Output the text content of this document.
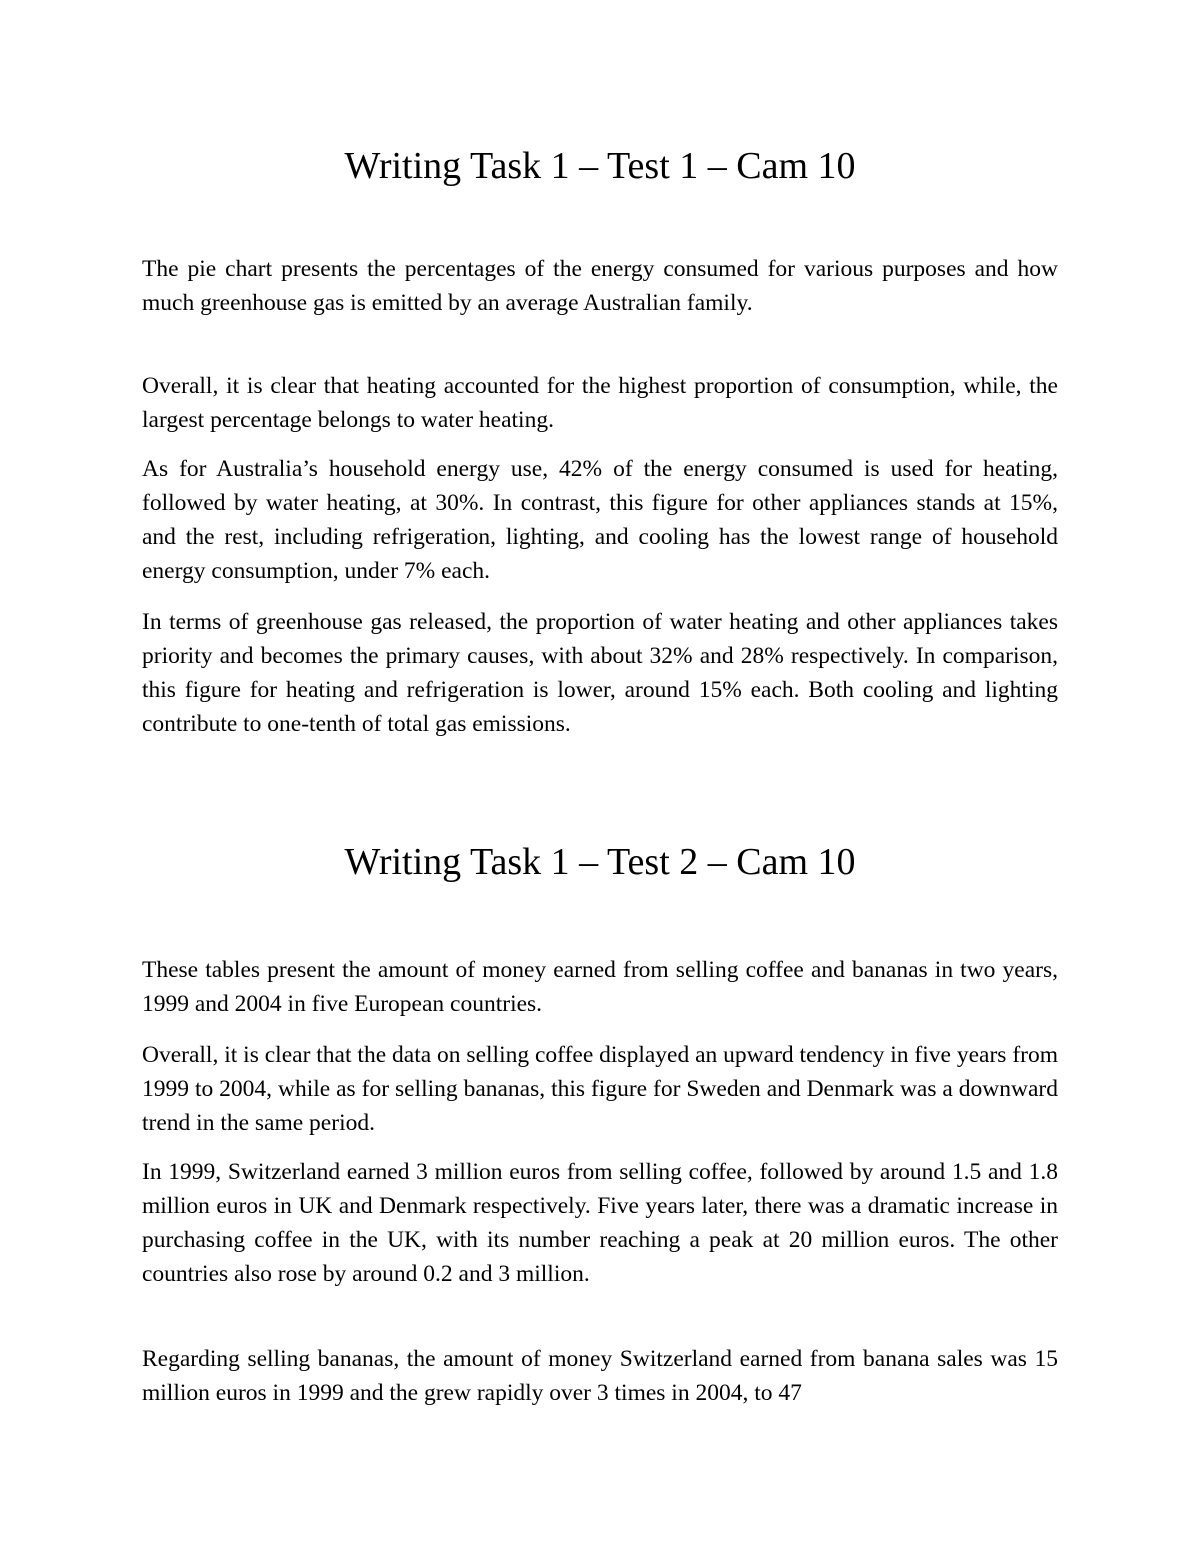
Writing Task 1 – Test 1 – Cam 10

The pie chart presents the percentages of the energy consumed for various purposes and how much greenhouse gas is emitted by an average Australian family.

Overall, it is clear that heating accounted for the highest proportion of consumption, while, the largest percentage belongs to water heating.

As for Australia’s household energy use, 42% of the energy consumed is used for heating, followed by water heating, at 30%. In contrast, this figure for other appliances stands at 15%, and the rest, including refrigeration, lighting, and cooling has the lowest range of household energy consumption, under 7% each.

In terms of greenhouse gas released, the proportion of water heating and other appliances takes priority and becomes the primary causes, with about 32% and 28% respectively. In comparison, this figure for heating and refrigeration is lower, around 15% each. Both cooling and lighting contribute to one-tenth of total gas emissions.

Writing Task 1 – Test 2 – Cam 10

These tables present the amount of money earned from selling coffee and bananas in two years, 1999 and 2004 in five European countries.

Overall, it is clear that the data on selling coffee displayed an upward tendency in five years from 1999 to 2004, while as for selling bananas, this figure for Sweden and Denmark was a downward trend in the same period.

In 1999, Switzerland earned 3 million euros from selling coffee, followed by around 1.5 and 1.8 million euros in UK and Denmark respectively. Five years later, there was a dramatic increase in purchasing coffee in the UK, with its number reaching a peak at 20 million euros. The other countries also rose by around 0.2 and 3 million.

Regarding selling bananas, the amount of money Switzerland earned from banana sales was 15 million euros in 1999 and the grew rapidly over 3 times in 2004, to 47
